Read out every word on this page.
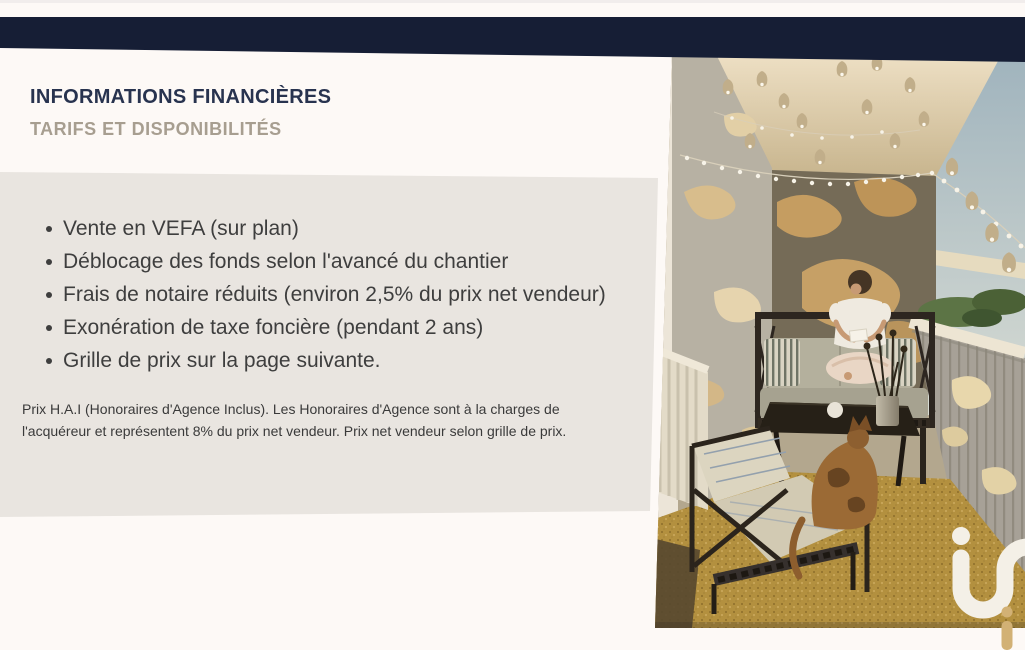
INFORMATIONS FINANCIÈRES
TARIFS ET DISPONIBILITÉS
Vente en VEFA (sur plan)
Déblocage des fonds selon l'avancé du chantier
Frais de notaire réduits (environ 2,5% du prix net vendeur)
Exonération de taxe foncière (pendant 2 ans)
Grille de prix sur la page suivante.

Prix H.A.I (Honoraires d'Agence Inclus). Les Honoraires d'Agence sont à la charges de l'acquéreur et représentent 8% du prix net vendeur. Prix net vendeur selon grille de prix.
